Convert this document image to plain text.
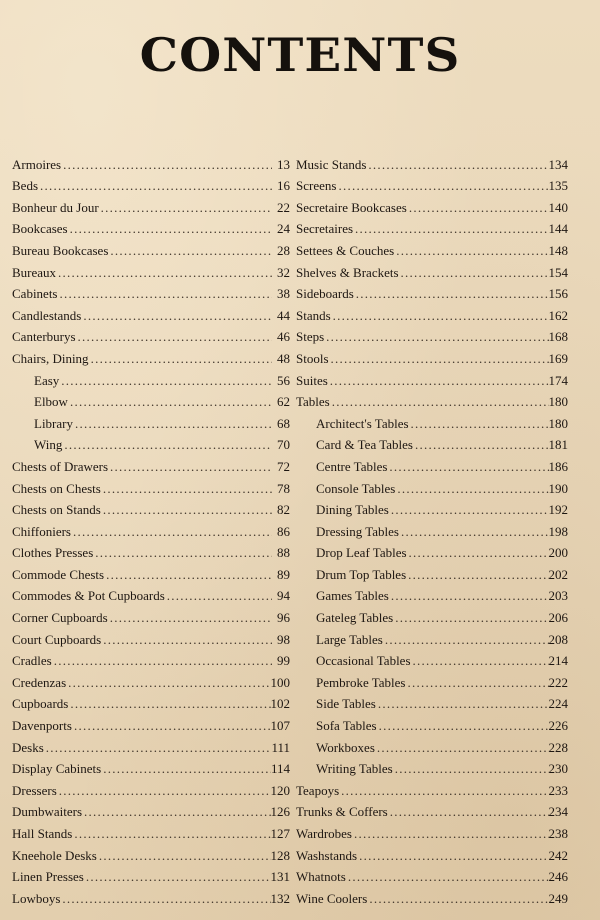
CONTENTS
Armoires . . .	13
Beds . . .	16
Bonheur du Jour . . .	22
Bookcases . . .	24
Bureau Bookcases . . .	28
Bureaux . . .	32
Cabinets . . .	38
Candlestands . . .	44
Canterburys . . .	46
Chairs, Dining . . .	48
Easy . . .	56
Elbow . . .	62
Library . . .	68
Wing . . .	70
Chests of Drawers . . .	72
Chests on Chests . . .	78
Chests on Stands . . .	82
Chiffoniers . . .	86
Clothes Presses . . .	88
Commode Chests . . .	89
Commodes & Pot Cupboards . . .	94
Corner Cupboards . . .	96
Court Cupboards . . .	98
Cradles . . .	99
Credenzas . . .	100
Cupboards . . .	102
Davenports . . .	107
Desks . . .	111
Display Cabinets . . .	114
Dressers . . .	120
Dumbwaiters . . .	126
Hall Stands . . .	127
Kneehole Desks . . .	128
Linen Presses . . .	131
Lowboys . . .	132
Music Stands . . .	134
Screens . . .	135
Secretaire Bookcases . . .	140
Secretaires . . .	144
Settees & Couches . . .	148
Shelves & Brackets . . .	154
Sideboards . . .	156
Stands . . .	162
Steps . . .	168
Stools . . .	169
Suites . . .	174
Tables . . .	180
Architect's Tables . . .	180
Card & Tea Tables . . .	181
Centre Tables . . .	186
Console Tables . . .	190
Dining Tables . . .	192
Dressing Tables . . .	198
Drop Leaf Tables . . .	200
Drum Top Tables . . .	202
Games Tables . . .	203
Gateleg Tables . . .	206
Large Tables . . .	208
Occasional Tables . . .	214
Pembroke Tables . . .	222
Side Tables . . .	224
Sofa Tables . . .	226
Workboxes . . .	228
Writing Tables . . .	230
Teapoys . . .	233
Trunks & Coffers . . .	234
Wardrobes . . .	238
Washstands . . .	242
Whatnots . . .	246
Wine Coolers . . .	249
